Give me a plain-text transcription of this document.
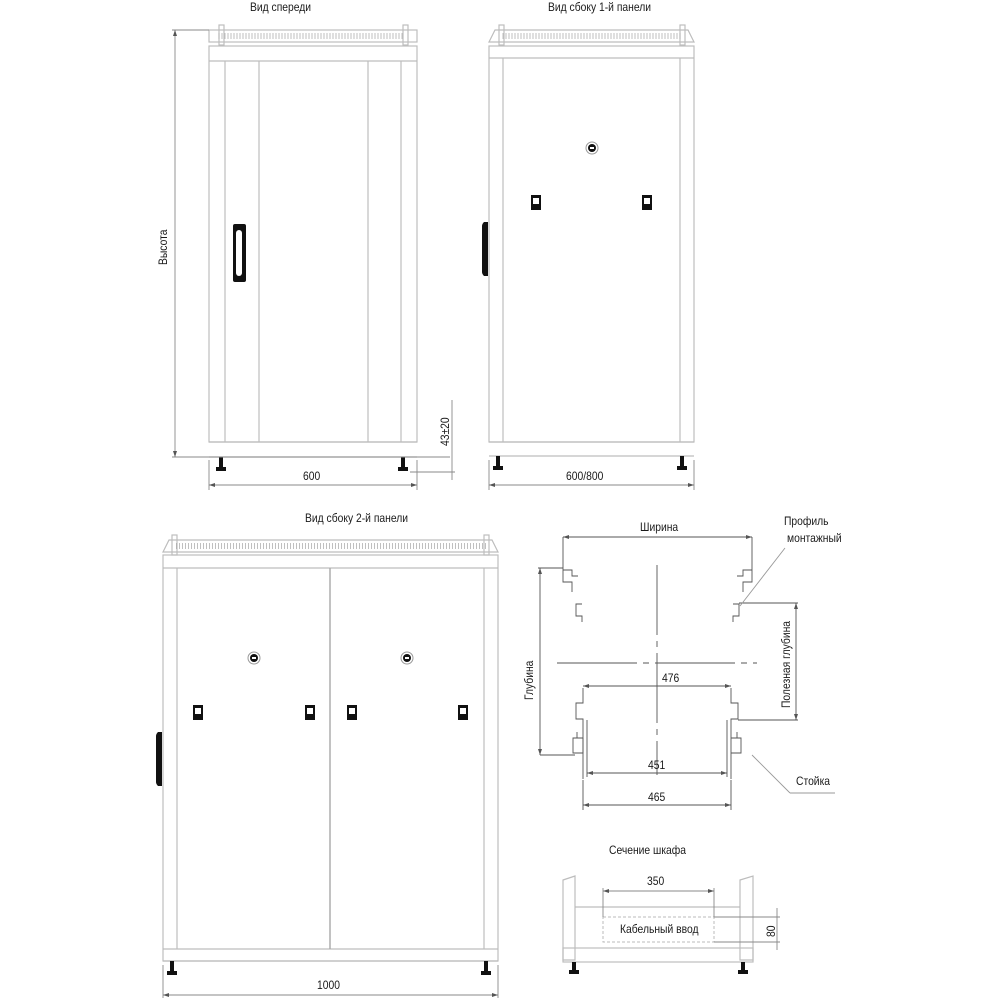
Вид спереди	Вид сбоку 1-й панели
Вид сбоку 2-й панели
Высота
600
43±20
600/800
1000
Ширина	Профиль
монтажный
Глубина	Полезная глубина
476
451
465
Стойка
Сечение шкафа
350
Кабельный ввод	80
